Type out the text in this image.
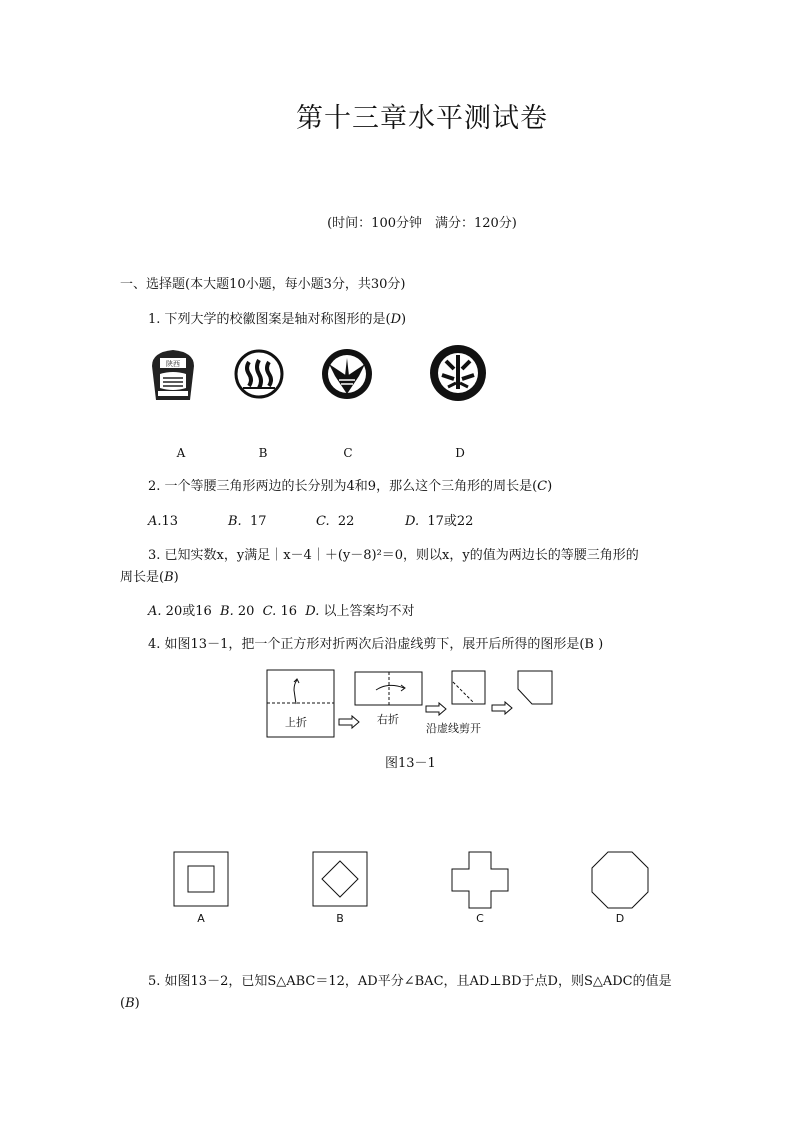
第十三章水平测试卷
(时间：100分钟　满分：120分)
一、选择题(本大题10小题，每小题3分，共30分)
1. 下列大学的校徽图案是轴对称图形的是(D)
陕西
A	B	C	D
2. 一个等腰三角形两边的长分别为4和9，那么这个三角形的周长是(C)
A.13	B. 17	C. 22	D. 17或22
3. 已知实数x，y满足｜x－4｜＋(y－8)²＝0，则以x，y的值为两边长的等腰三角形的
周长是(B)
A. 20或16 B. 20 C. 16 D. 以上答案均不对
4. 如图13－1，把一个正方形对折两次后沿虚线剪下，展开后所得的图形是(B )
上折	右折
沿虚线剪开
图13－1
A	B	C	D
5. 如图13－2，已知S△ABC＝12，AD平分∠BAC，且AD⊥BD于点D，则S△ADC的值是
(B)
